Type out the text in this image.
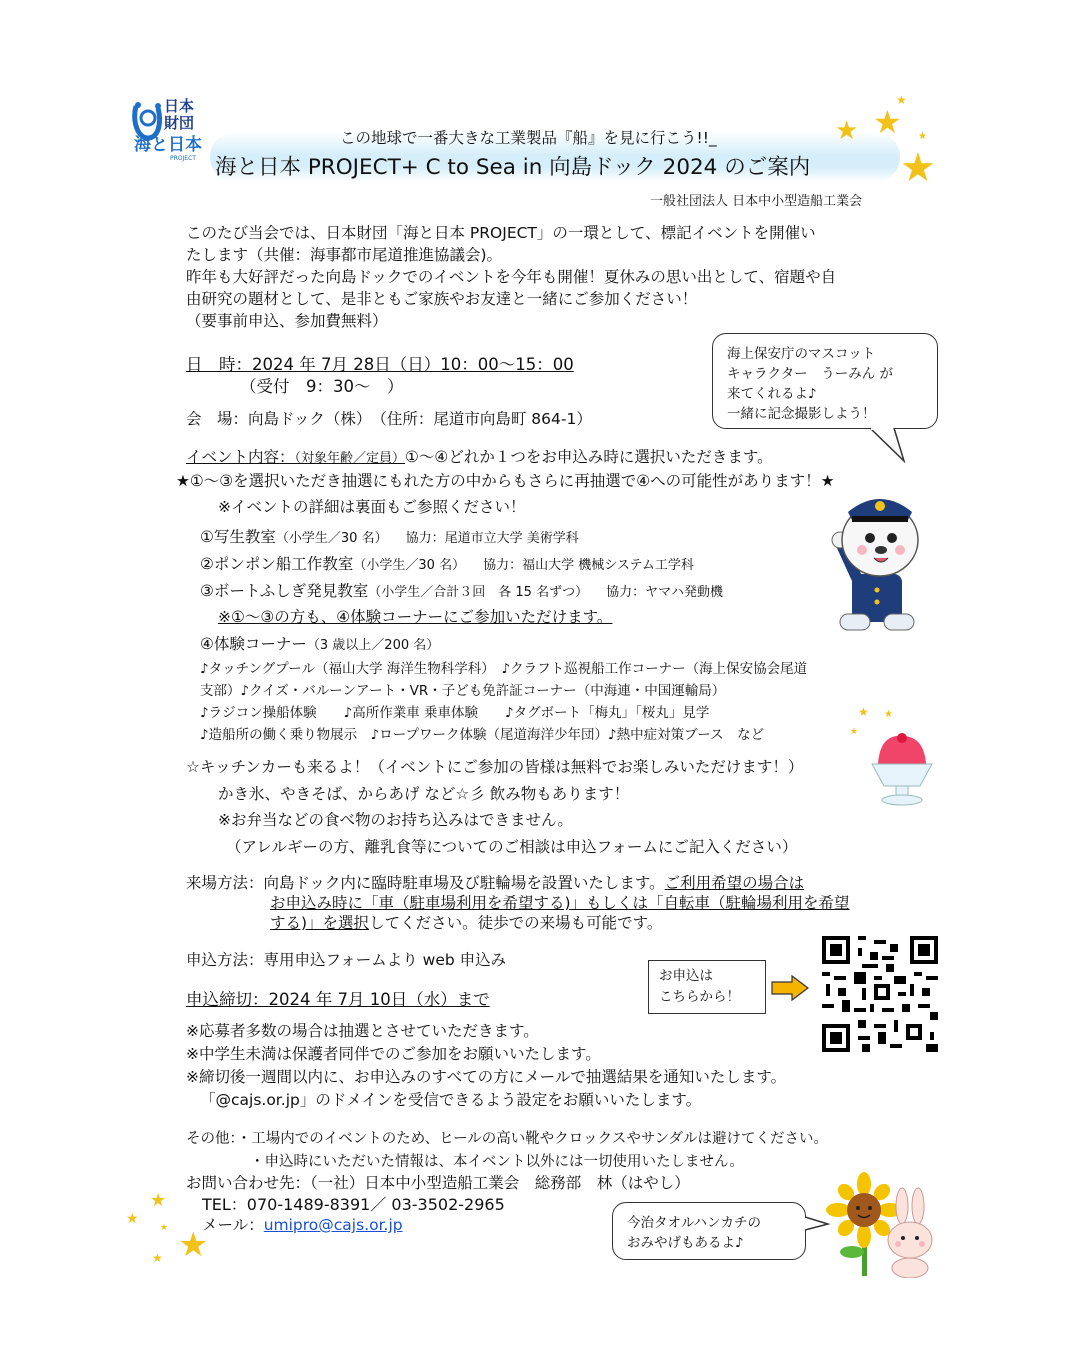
日本
財団
海と日本
PROJECT
この地球で一番大きな工業製品『船』を見に行こう!!_
海と日本 PROJECT+ C to Sea in 向島ドック 2024 のご案内
一般社団法人 日本中小型造船工業会
★ ★
★
★
★
このたび当会では、日本財団「海と日本 PROJECT」の一環として、標記イベントを開催い
たします（共催：海事都市尾道推進協議会)。
昨年も大好評だった向島ドックでのイベントを今年も開催！夏休みの思い出として、宿題や自
由研究の題材として、是非ともご家族やお友達と一緒にご参加ください！
（要事前申込、参加費無料）
日　時：2024 年 7月 28日（日）10：00～15：00
（受付　9：30～　）
会　場：向島ドック（株）　（住所：尾道市向島町 864-1）
海上保安庁のマスコット
キャラクター　うーみん が
来てくれるよ♪
一緒に記念撮影しよう！
イベント内容：（対象年齢／定員）①～④どれか１つをお申込み時に選択いただきます。
★①～③を選択いただき抽選にもれた方の中からもさらに再抽選で④への可能性があります！★
※イベントの詳細は裏面もご参照ください！
①写生教室（小学生／30 名） 協力：尾道市立大学 美術学科
②ポンポン船工作教室（小学生／30 名） 協力：福山大学 機械システム工学科
③ボートふしぎ発見教室（小学生／合計３回　各 15 名ずつ） 協力：ヤマハ発動機
※①～③の方も、④体験コーナーにご参加いただけます。
④体験コーナー（3 歳以上／200 名）
♪タッチングプール（福山大学 海洋生物科学科）　♪クラフト巡視船工作コーナー（海上保安協会尾道
支部）♪クイズ・バルーンアート・VR・子ども免許証コーナー（中海連・中国運輸局）
♪ラジコン操船体験　　♪高所作業車 乗車体験　　♪タグボート「梅丸」「桜丸」見学
♪造船所の働く乗り物展示　♪ロープワーク体験（尾道海洋少年団）♪熱中症対策ブース　など
★ ★
★
☆キッチンカーも来るよ！（イベントにご参加の皆様は無料でお楽しみいただけます！）
かき氷、やきそば、からあげ など☆彡 飲み物もあります！
※お弁当などの食べ物のお持ち込みはできません。
（アレルギーの方、離乳食等についてのご相談は申込フォームにご記入ください）
来場方法：向島ドック内に臨時駐車場及び駐輪場を設置いたします。ご利用希望の場合は
お申込み時に「車（駐車場利用を希望する)」もしくは「自転車（駐輪場利用を希望
する)」を選択してください。徒歩での来場も可能です。
申込方法：専用申込フォームより web 申込み
申込締切：2024 年 7月 10日（水）まで
お申込は
こちらから！
※応募者多数の場合は抽選とさせていただきます。
※中学生未満は保護者同伴でのご参加をお願いいたします。
※締切後一週間以内に、お申込みのすべての方にメールで抽選結果を通知いたします。
「@cajs.or.jp」のドメインを受信できるよう設定をお願いいたします。
その他：・工場内でのイベントのため、ヒールの高い靴やクロックスやサンダルは避けてください。
・申込時にいただいた情報は、本イベント以外には一切使用いたしません。
お問い合わせ先：（一社）日本中小型造船工業会　総務部　林（はやし）
TEL：070-1489-8391／ 03-3502-2965
メール：umipro@cajs.or.jp
★
★
★
★
★
今治タオルハンカチの
おみやげもあるよ♪
